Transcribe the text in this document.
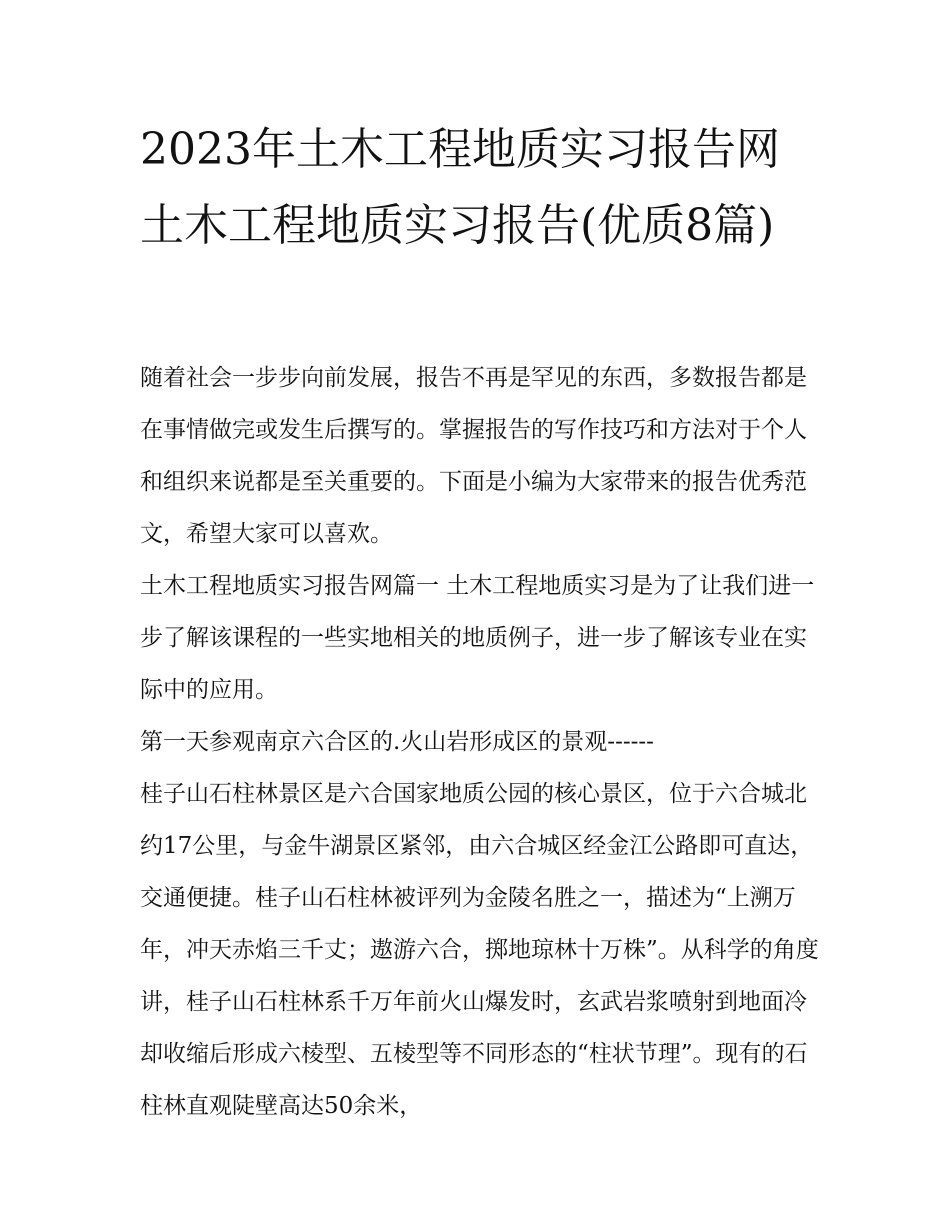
2023年土木工程地质实习报告网 土木工程地质实习报告(优质8篇)

随着社会一步步向前发展，报告不再是罕见的东西，多数报告都是在事情做完或发生后撰写的。掌握报告的写作技巧和方法对于个人和组织来说都是至关重要的。下面是小编为大家带来的报告优秀范文，希望大家可以喜欢。

土木工程地质实习报告网篇一 土木工程地质实习是为了让我们进一步了解该课程的一些实地相关的地质例子，进一步了解该专业在实际中的应用。

第一天参观南京六合区的.火山岩形成区的景观------

桂子山石柱林景区是六合国家地质公园的核心景区，位于六合城北约17公里，与金牛湖景区紧邻，由六合城区经金江公路即可直达，交通便捷。桂子山石柱林被评列为金陵名胜之一，描述为“上溯万年，冲天赤焰三千丈；遨游六合，掷地琼林十万株”。从科学的角度讲，桂子山石柱林系千万年前火山爆发时，玄武岩浆喷射到地面冷却收缩后形成六棱型、五棱型等不同形态的“柱状节理”。现有的石柱林直观陡壁高达50余米，
